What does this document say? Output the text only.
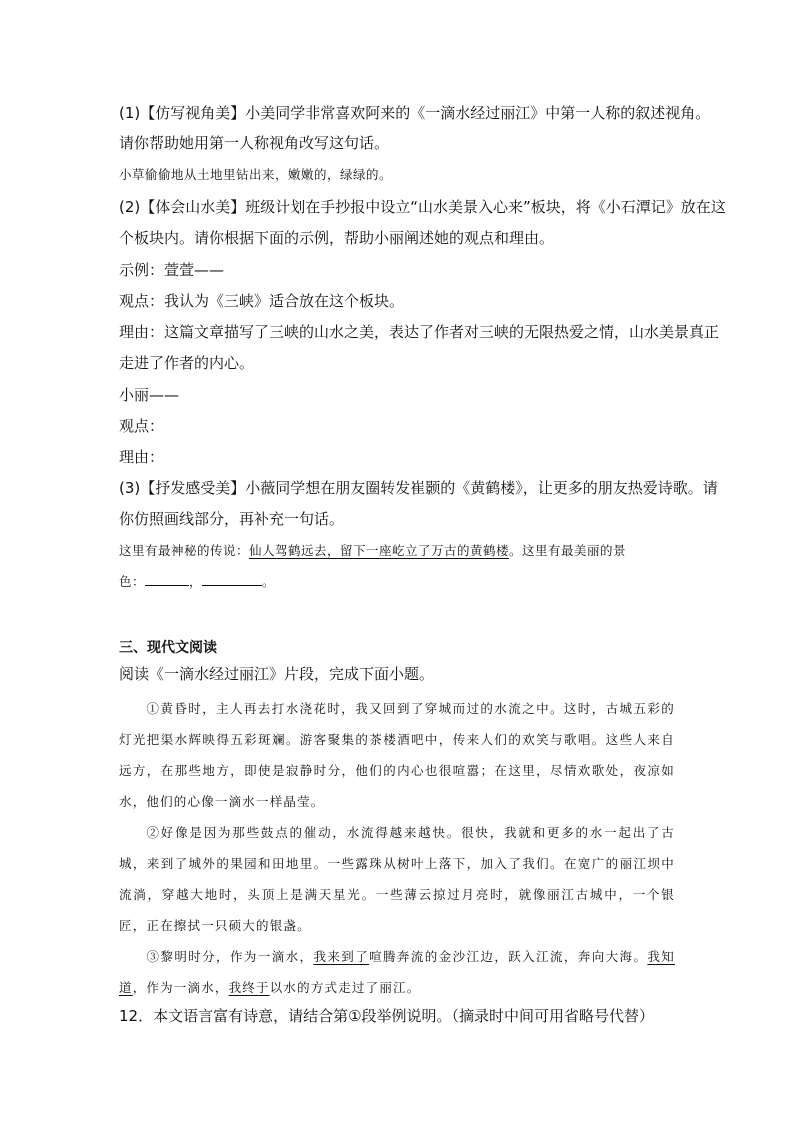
(1)【仿写视角美】小美同学非常喜欢阿来的《一滴水经过丽江》中第一人称的叙述视角。
请你帮助她用第一人称视角改写这句话。
小草偷偷地从土地里钻出来，嫩嫩的，绿绿的。
(2)【体会山水美】班级计划在手抄报中设立“山水美景入心来”板块，将《小石潭记》放在这
个板块内。请你根据下面的示例，帮助小丽阐述她的观点和理由。
示例：萱萱——
观点：我认为《三峡》适合放在这个板块。
理由：这篇文章描写了三峡的山水之美，表达了作者对三峡的无限热爱之情，山水美景真正
走进了作者的内心。
小丽——
观点：
理由：
(3)【抒发感受美】小薇同学想在朋友圈转发崔颢的《黄鹤楼》，让更多的朋友热爱诗歌。请
你仿照画线部分，再补充一句话。
这里有最神秘的传说：仙人驾鹤远去，留下一座屹立了万古的黄鹤楼。这里有最美丽的景
色：	，	。
三、现代文阅读
阅读《一滴水经过丽江》片段，完成下面小题。
①黄昏时，主人再去打水浇花时，我又回到了穿城而过的水流之中。这时，古城五彩的灯光把渠水辉映得五彩斑斓。游客聚集的茶楼酒吧中，传来人们的欢笑与歌唱。这些人来自远方，在那些地方，即使是寂静时分，他们的内心也很喧嚣；在这里，尽情欢歌处，夜凉如水，他们的心像一滴水一样晶莹。
②好像是因为那些鼓点的催动，水流得越来越快。很快，我就和更多的水一起出了古城，来到了城外的果园和田地里。一些露珠从树叶上落下，加入了我们。在宽广的丽江坝中流淌，穿越大地时，头顶上是满天星光。一些薄云掠过月亮时，就像丽江古城中，一个银匠，正在擦拭一只硕大的银盏。
③黎明时分，作为一滴水，我来到了喧腾奔流的金沙江边，跃入江流，奔向大海。我知道，作为一滴水，我终于以水的方式走过了丽江。
12．本文语言富有诗意，请结合第①段举例说明。（摘录时中间可用省略号代替）
